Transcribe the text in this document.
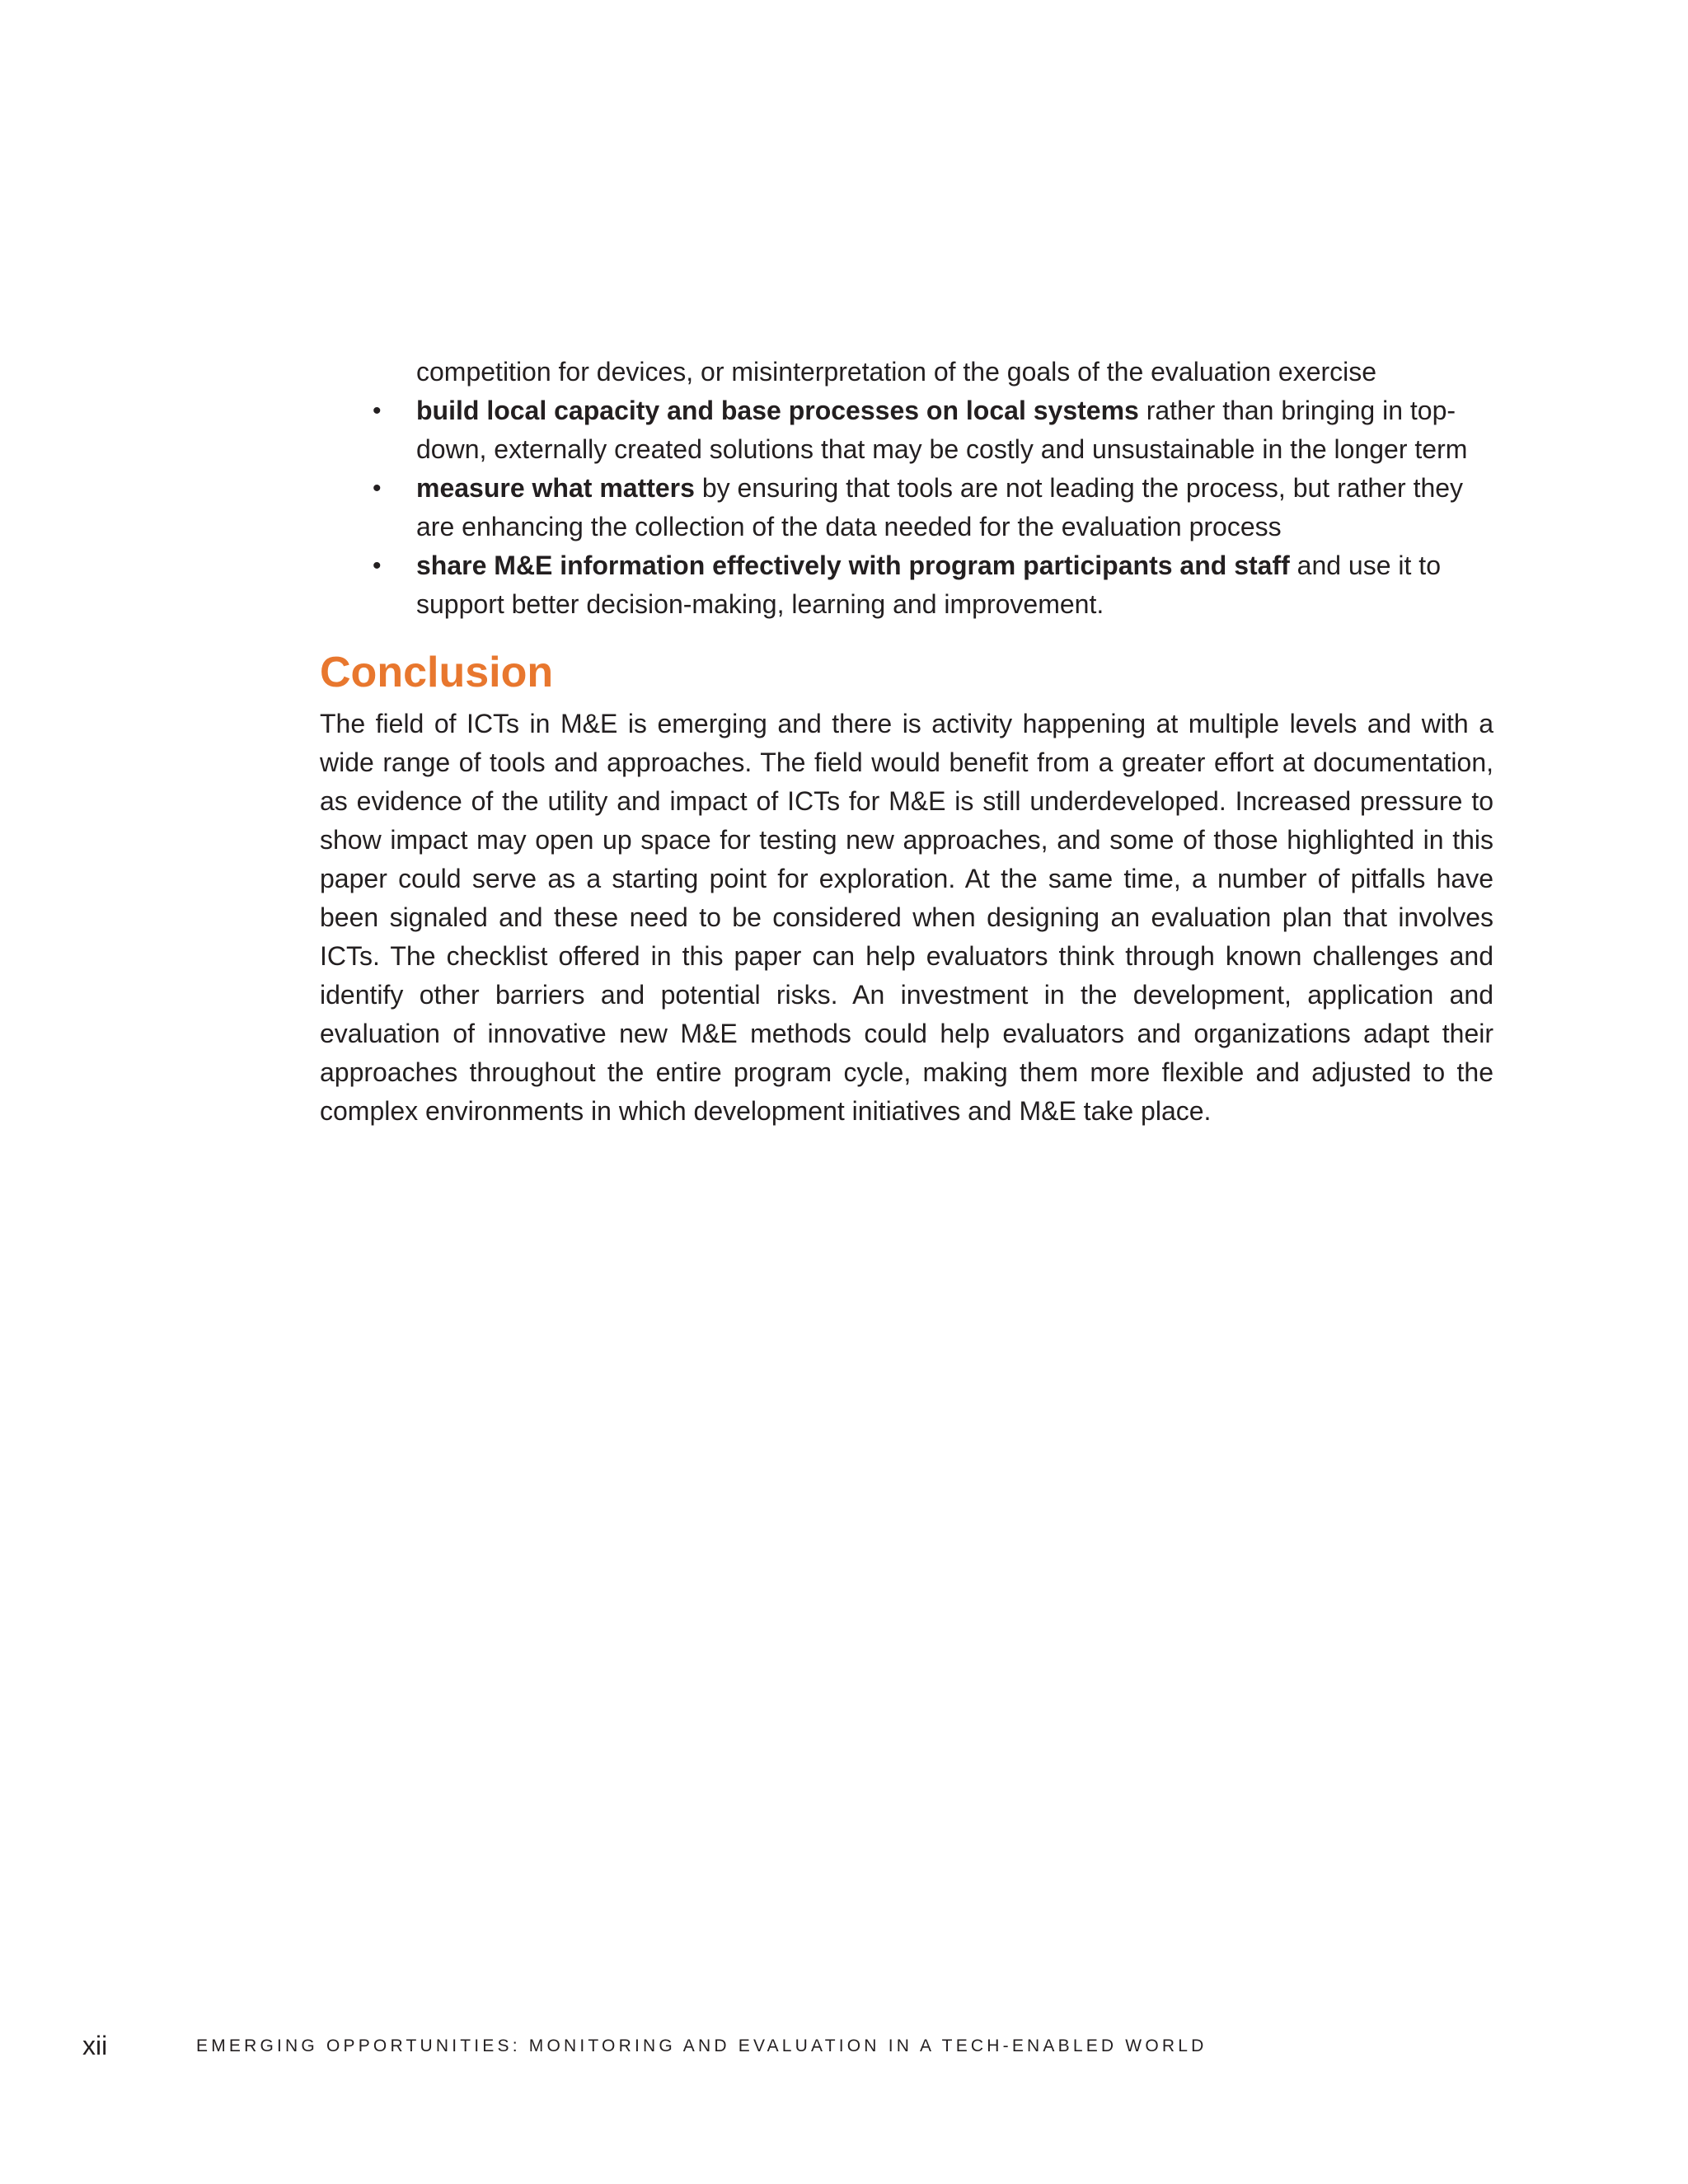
competition for devices, or misinterpretation of the goals of the evaluation exercise

• build local capacity and base processes on local systems rather than bringing in top-down, externally created solutions that may be costly and unsustainable in the longer term
• measure what matters by ensuring that tools are not leading the process, but rather they are enhancing the collection of the data needed for the evaluation process
• share M&E information effectively with program participants and staff and use it to support better decision-making, learning and improvement.
Conclusion

The field of ICTs in M&E is emerging and there is activity happening at multiple levels and with a wide range of tools and approaches. The field would benefit from a greater effort at documentation, as evidence of the utility and impact of ICTs for M&E is still underdeveloped. Increased pressure to show impact may open up space for testing new approaches, and some of those highlighted in this paper could serve as a starting point for exploration. At the same time, a number of pitfalls have been signaled and these need to be considered when designing an evaluation plan that involves ICTs. The checklist offered in this paper can help evaluators think through known challenges and identify other barriers and potential risks. An investment in the development, application and evaluation of innovative new M&E methods could help evaluators and organizations adapt their approaches throughout the entire program cycle, making them more flexible and adjusted to the complex environments in which development initiatives and M&E take place.

xii	EMERGING OPPORTUNITIES: MONITORING AND EVALUATION IN A TECH-ENABLED WORLD
